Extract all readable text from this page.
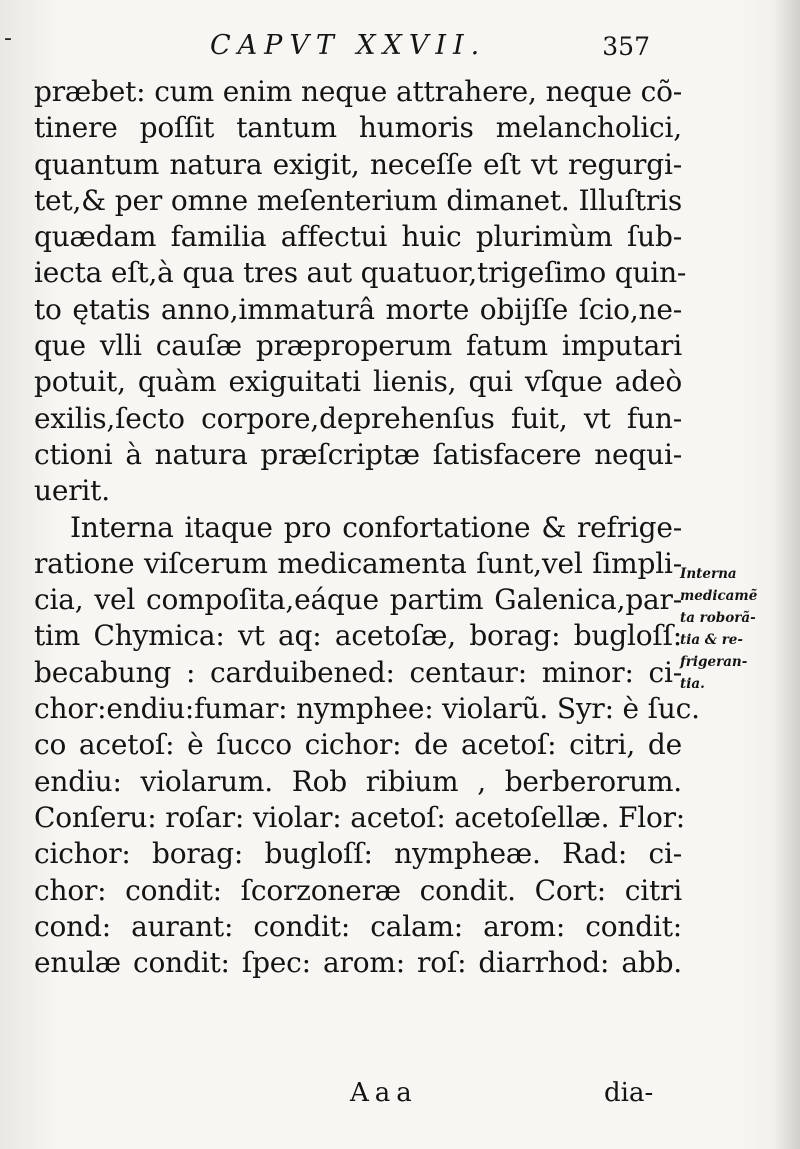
-	CAPVT XXVII.	357
præbet: cum enim neque attrahere, neque cõ-
tinere poſſit tantum humoris melancholici,
quantum natura exigit, neceſſe eſt vt regurgi-
tet,& per omne meſenterium dimanet. Illuſtris
quædam familia affectui huic plurimùm ſub-
iecta eſt,à qua tres aut quatuor,trigeſimo quin-
to ętatis anno,immaturâ morte obijſſe ſcio,ne-
que vlli cauſæ præproperum fatum imputari
potuit, quàm exiguitati lienis, qui vſque adeò
exilis,ſecto corpore,deprehenſus fuit, vt fun-
ctioni à natura præſcriptæ ſatisfacere nequi-
uerit.
Interna itaque pro confortatione & refrige-
ratione viſcerum medicamenta ſunt,vel ſimpli-
cia, vel compoſita,eáque partim Galenica,par-
tim Chymica: vt aq: acetoſæ, borag: bugloſſ:
becabung : carduibened: centaur: minor: ci-
chor:endiu:fumar: nymphee: violarũ. Syr: è ſuc.
co acetoſ: è ſucco cichor: de acetoſ: citri, de
endiu: violarum. Rob ribium , berberorum.
Conſeru: roſar: violar: acetoſ: acetoſellæ. Flor:
cichor: borag: bugloſſ: nympheæ. Rad: ci-
chor: condit: ſcorzoneræ condit. Cort: citri
cond: aurant: condit: calam: arom: condit:
enulæ condit: ſpec: arom: roſ: diarrhod: abb.
Interna
medicamẽ
ta roborã-
tia & re-
frigeran-
tia.
Aaa	dia-
